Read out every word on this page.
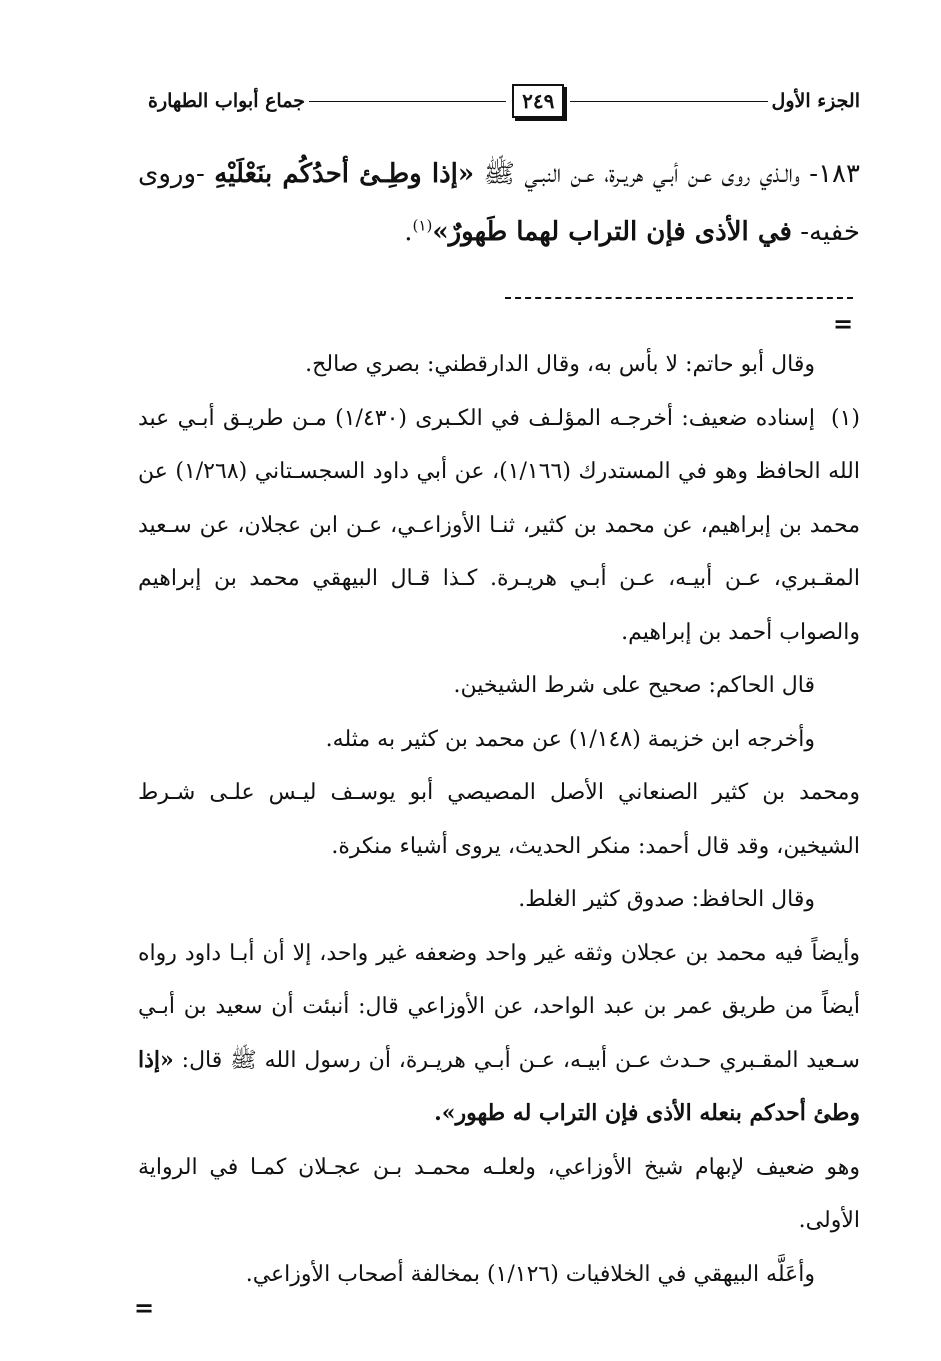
الجزء الأول
٢٤٩
جماع أبواب الطهارة
١٨٣- والـذي روى عـن أبـي هريـرة، عـن النبـي ﷺ «إذا وطِـئ أحدُكُم بنَعْلَيْهِ -وروى خفيه- في الأذى فإن التراب لهما طَهورٌ»$^{(١)}$.
=

وقال أبو حاتم: لا بأس به، وقال الدارقطني: بصري صالح.

(١)إسناده ضعيف: أخرجـه المؤلـف في الكـبرى (١/٤٣٠) مـن طريـق أبـي عبد الله الحافظ وهو في المستدرك (١/١٦٦)، عن أبي داود السجسـتاني (١/٢٦٨) عن محمد بن إبراهيم، عن محمد بن كثير، ثنـا الأوزاعـي، عـن ابن عجلان، عن سـعيد المقـبري، عـن أبيـه، عـن أبـي هريـرة. كـذا قـال البيهقي محمد بن إبراهيم والصواب أحمد بن إبراهيم.

قال الحاكم: صحيح على شرط الشيخين.

وأخرجه ابن خزيمة (١/١٤٨) عن محمد بن كثير به مثله.

ومحمد بن كثير الصنعاني الأصل المصيصي أبو يوسـف ليـس علـى شـرط الشيخين، وقد قال أحمد: منكر الحديث، يروى أشياء منكرة.

وقال الحافظ: صدوق كثير الغلط.

وأيضاً فيه محمد بن عجلان وثقه غير واحد وضعفه غير واحد، إلا أن أبـا داود رواه أيضاً من طريق عمر بن عبد الواحد، عن الأوزاعي قال: أنبئت أن سعيد بن أبـي سـعيد المقـبري حـدث عـن أبيـه، عـن أبـي هريـرة، أن رسول الله ﷺ قال: «إذا وطئ أحدكم بنعله الأذى فإن التراب له طهور».

وهو ضعيف لإبهام شيخ الأوزاعي، ولعلـه محمـد بـن عجـلان كمـا في الرواية الأولى.

وأعَلَّه البيهقي في الخلافيات (١/١٢٦) بمخالفة أصحاب الأوزاعي.

=
